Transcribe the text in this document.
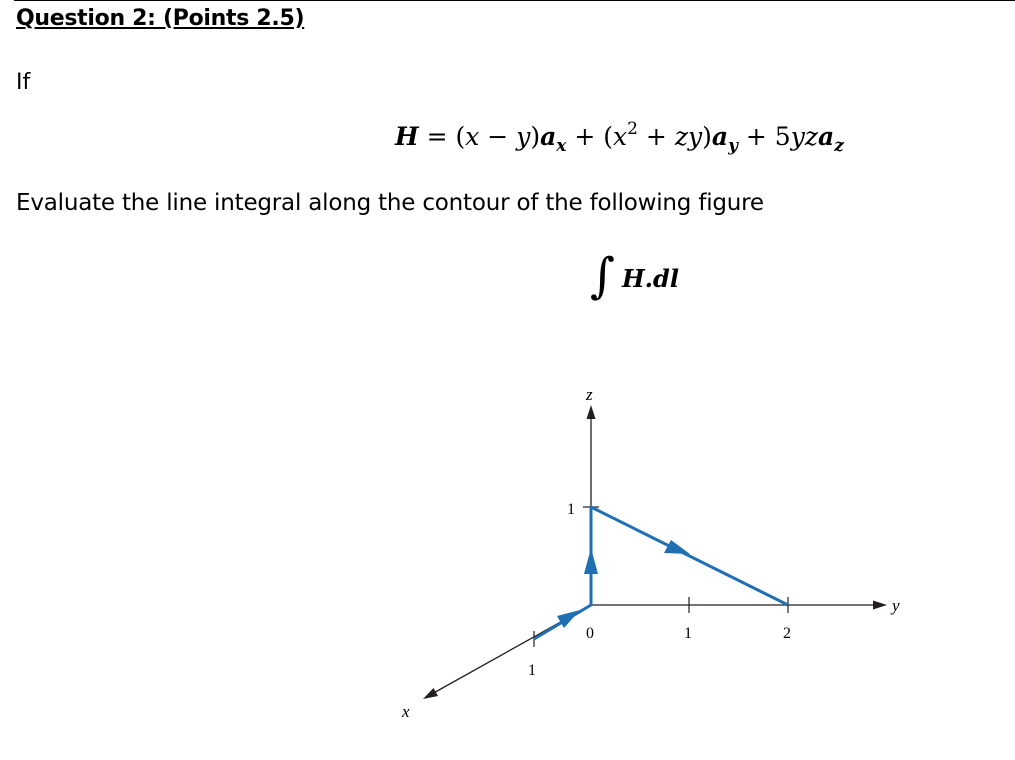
Question 2: (Points 2.5)
If
$H = (x - y)a_x + (x^2 + zy)a_y + 5yza_z$
Evaluate the line integral along the contour of the following figure
∫ H.dl
z
y
x
1
0	1	2
1
